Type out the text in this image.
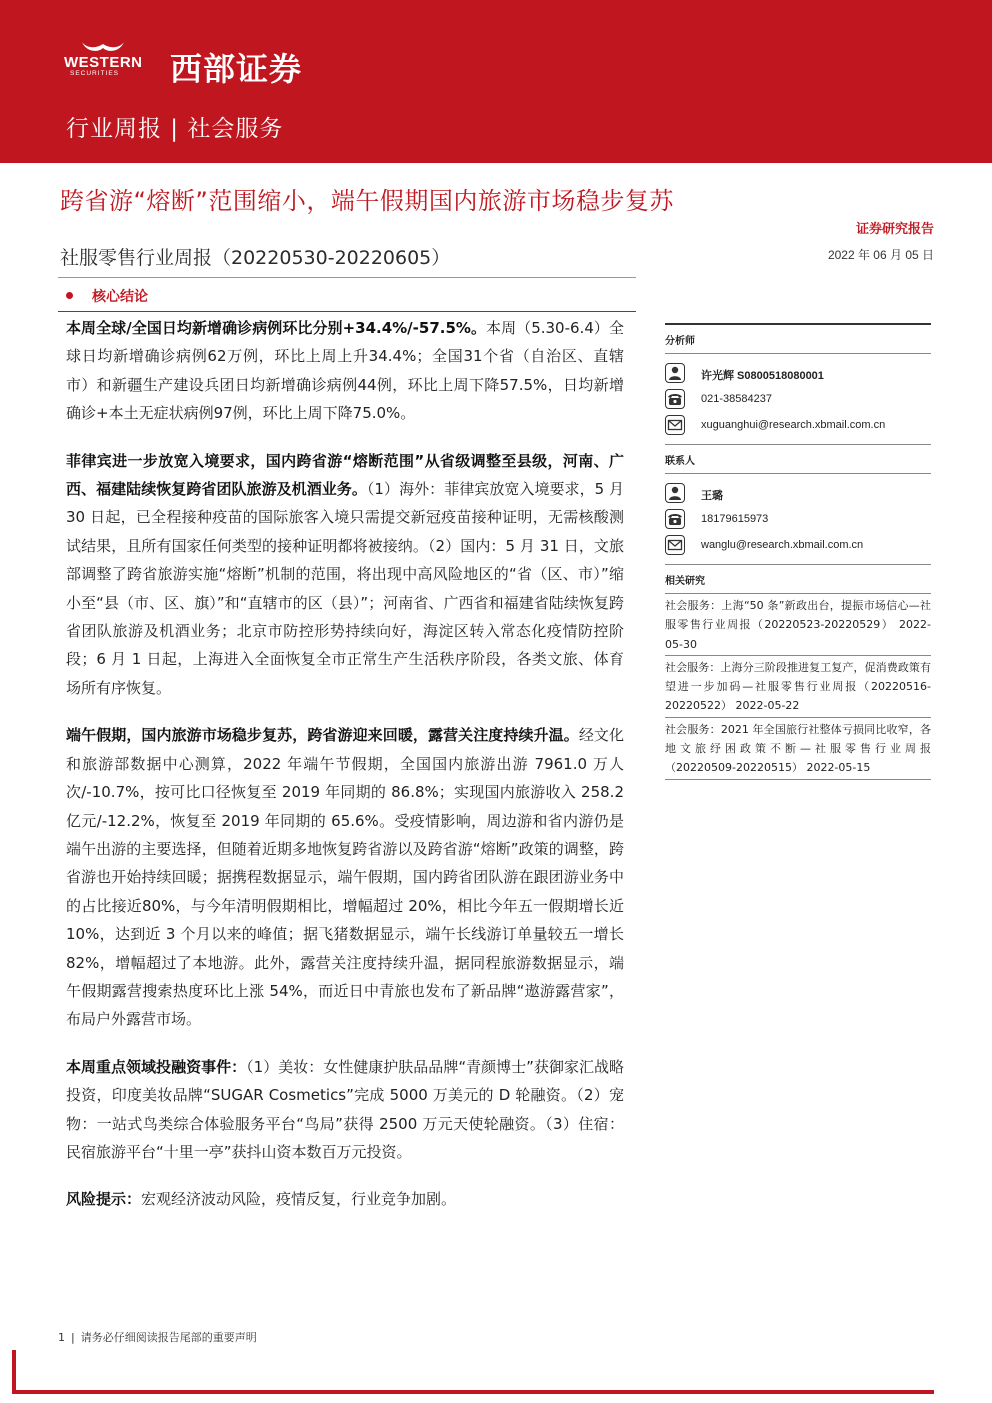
WESTERN
SECURITIES 西部证券
行业周报 | 社会服务
跨省游“熔断”范围缩小，端午假期国内旅游市场稳步复苏
证券研究报告
社服零售行业周报（20220530-20220605）	2022 年 06 月 05 日
核心结论

本周全球/全国日均新增确诊病例环比分别+34.4%/-57.5%。本周（5.30-6.4）全球日均新增确诊病例62万例，环比上周上升34.4%；全国31个省（自治区、直辖市）和新疆生产建设兵团日均新增确诊病例44例，环比上周下降57.5%，日均新增确诊+本土无症状病例97例，环比上周下降75.0%。

菲律宾进一步放宽入境要求，国内跨省游“熔断范围”从省级调整至县级，河南、广西、福建陆续恢复跨省团队旅游及机酒业务。（1）海外：菲律宾放宽入境要求，5 月 30 日起，已全程接种疫苗的国际旅客入境只需提交新冠疫苗接种证明，无需核酸测试结果，且所有国家任何类型的接种证明都将被接纳。（2）国内：5 月 31 日，文旅部调整了跨省旅游实施“熔断”机制的范围，将出现中高风险地区的“省（区、市）”缩小至“县（市、区、旗）”和“直辖市的区（县）”；河南省、广西省和福建省陆续恢复跨省团队旅游及机酒业务；北京市防控形势持续向好，海淀区转入常态化疫情防控阶段；6 月 1 日起，上海进入全面恢复全市正常生产生活秩序阶段，各类文旅、体育场所有序恢复。

端午假期，国内旅游市场稳步复苏，跨省游迎来回暖，露营关注度持续升温。经文化和旅游部数据中心测算，2022 年端午节假期，全国国内旅游出游 7961.0 万人次/-10.7%，按可比口径恢复至 2019 年同期的 86.8%；实现国内旅游收入 258.2 亿元/-12.2%，恢复至 2019 年同期的 65.6%。受疫情影响，周边游和省内游仍是端午出游的主要选择，但随着近期多地恢复跨省游以及跨省游“熔断”政策的调整，跨省游也开始持续回暖；据携程数据显示，端午假期，国内跨省团队游在跟团游业务中的占比接近80%，与今年清明假期相比，增幅超过 20%，相比今年五一假期增长近10%，达到近 3 个月以来的峰值；据飞猪数据显示，端午长线游订单量较五一增长 82%，增幅超过了本地游。此外，露营关注度持续升温，据同程旅游数据显示，端午假期露营搜索热度环比上涨 54%，而近日中青旅也发布了新品牌“遨游露营家”，布局户外露营市场。

本周重点领域投融资事件：（1）美妆：女性健康护肤品品牌“青颜博士”获御家汇战略投资，印度美妆品牌“SUGAR Cosmetics”完成 5000 万美元的 D 轮融资。（2）宠物：一站式鸟类综合体验服务平台“鸟局”获得 2500 万元天使轮融资。（3）住宿：民宿旅游平台“十里一亭”获抖山资本数百万元投资。

风险提示：宏观经济波动风险，疫情反复，行业竞争加剧。

分析师
许光辉 S0800518080001
021-38584237
xuguanghui@research.xbmail.com.cn
联系人
王璐
18179615973
wanglu@research.xbmail.com.cn
相关研究
社会服务：上海“50 条”新政出台，提振市场信心—社服零售行业周报（20220523-20220529） 2022-05-30
社会服务：上海分三阶段推进复工复产，促消费政策有望进一步加码—社服零售行业周报（20220516-20220522） 2022-05-22
社会服务：2021 年全国旅行社整体亏损同比收窄，各地文旅纾困政策不断—社服零售行业周报（20220509-20220515） 2022-05-15
1 | 请务必仔细阅读报告尾部的重要声明
